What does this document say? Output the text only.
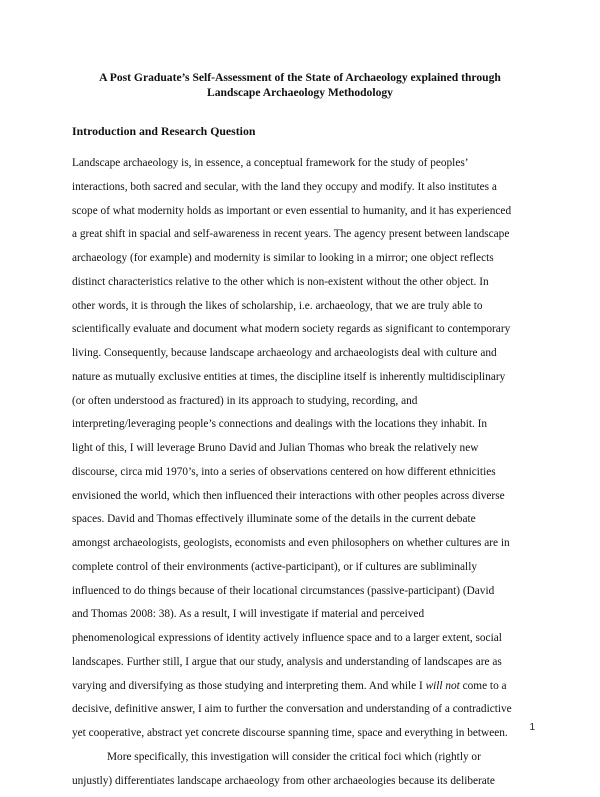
A Post Graduate’s Self-Assessment of the State of Archaeology explained through
Landscape Archaeology Methodology
Introduction and Research Question
Landscape archaeology is, in essence, a conceptual framework for the study of peoples’
interactions, both sacred and secular, with the land they occupy and modify. It also institutes a
scope of what modernity holds as important or even essential to humanity, and it has experienced
a great shift in spacial and self-awareness in recent years. The agency present between landscape
archaeology (for example) and modernity is similar to looking in a mirror; one object reflects
distinct characteristics relative to the other which is non-existent without the other object. In
other words, it is through the likes of scholarship, i.e. archaeology, that we are truly able to
scientifically evaluate and document what modern society regards as significant to contemporary
living. Consequently, because landscape archaeology and archaeologists deal with culture and
nature as mutually exclusive entities at times, the discipline itself is inherently multidisciplinary
(or often understood as fractured) in its approach to studying, recording, and
interpreting/leveraging people’s connections and dealings with the locations they inhabit. In
light of this, I will leverage Bruno David and Julian Thomas who break the relatively new
discourse, circa mid 1970’s, into a series of observations centered on how different ethnicities
envisioned the world, which then influenced their interactions with other peoples across diverse
spaces. David and Thomas effectively illuminate some of the details in the current debate
amongst archaeologists, geologists, economists and even philosophers on whether cultures are in
complete control of their environments (active-participant), or if cultures are subliminally
influenced to do things because of their locational circumstances (passive-participant) (David
and Thomas 2008: 38). As a result, I will investigate if material and perceived
phenomenological expressions of identity actively influence space and to a larger extent, social
landscapes. Further still, I argue that our study, analysis and understanding of landscapes are as
varying and diversifying as those studying and interpreting them. And while I will not come to a
decisive, definitive answer, I aim to further the conversation and understanding of a contradictive
yet cooperative, abstract yet concrete discourse spanning time, space and everything in between.
More specifically, this investigation will consider the critical foci which (rightly or
unjustly) differentiates landscape archaeology from other archaeologies because its deliberate
1
